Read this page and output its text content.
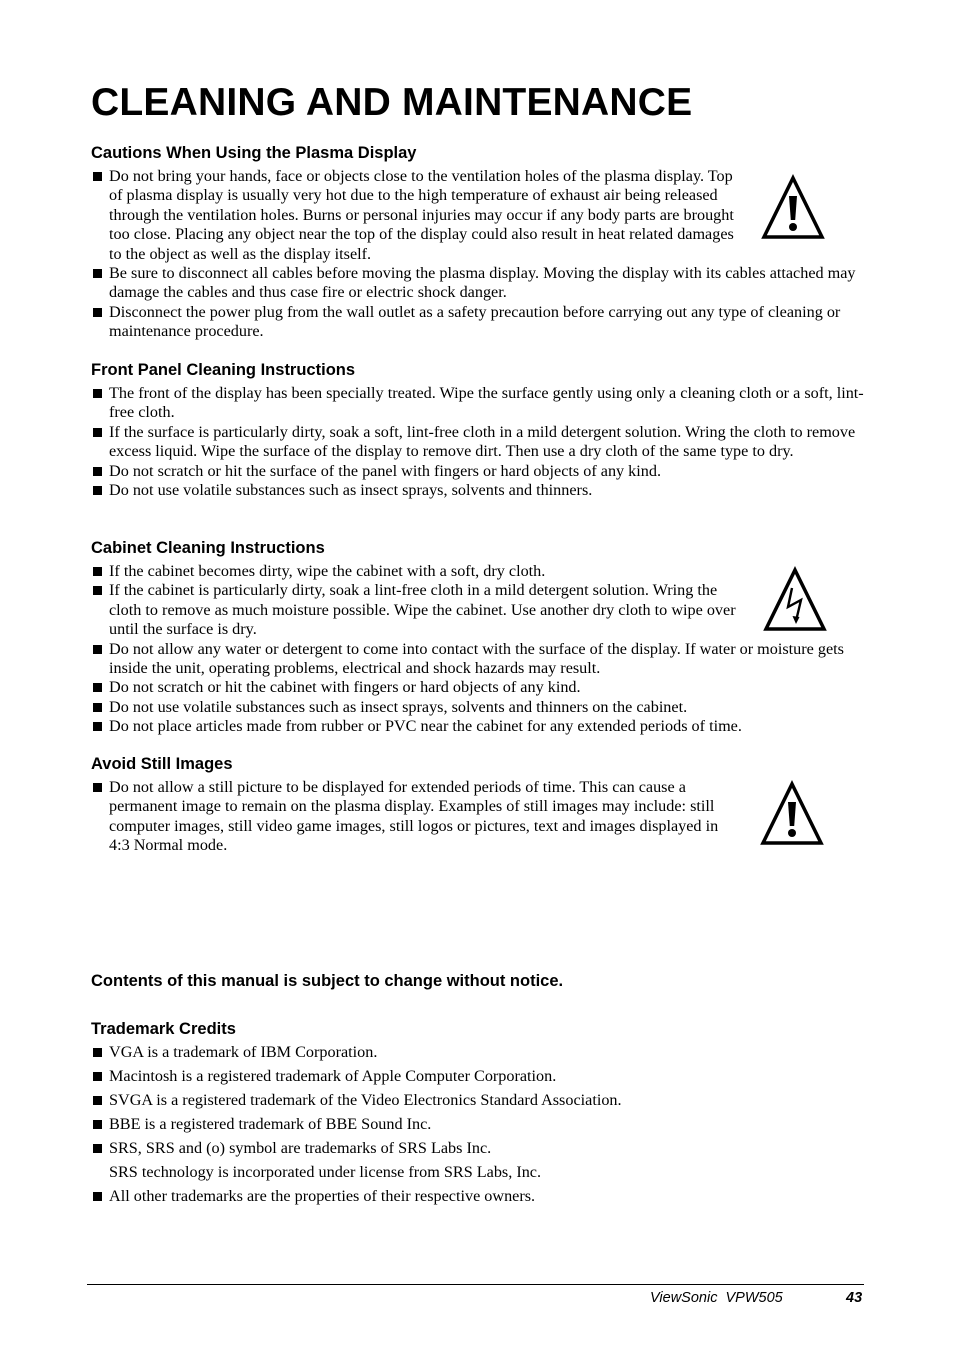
CLEANING AND MAINTENANCE
Cautions When Using the Plasma Display
Do not bring your hands, face or objects close to the ventilation holes of the plasma display. Top of plasma display is usually very hot due to the high temperature of exhaust air being released through the ventilation holes. Burns or personal injuries may occur if any body parts are brought too close. Placing any object near the top of the display could also result in heat related damages to the object as well as the display itself.
Be sure to disconnect all cables before moving the plasma display. Moving the display with its cables attached may damage the cables and thus case fire or electric shock danger.
Disconnect the power plug from the wall outlet as a safety precaution before carrying out any type of cleaning or maintenance procedure.
Front Panel Cleaning Instructions
The front of the display has been specially treated. Wipe the surface gently using only a cleaning cloth or a soft, lint-free cloth.
If the surface is particularly dirty, soak a soft, lint-free cloth in a mild detergent solution. Wring the cloth to remove excess liquid. Wipe the surface of the display to remove dirt. Then use a dry cloth of the same type to dry.
Do not scratch or hit the surface of the panel with fingers or hard objects of any kind.
Do not use volatile substances such as insect sprays, solvents and thinners.
Cabinet Cleaning Instructions
If the cabinet becomes dirty, wipe the cabinet with a soft, dry cloth.
If the cabinet is particularly dirty, soak a lint-free cloth in a mild detergent solution. Wring the cloth to remove as much moisture possible. Wipe the cabinet. Use another dry cloth to wipe over until the surface is dry.
Do not allow any water or detergent to come into contact with the surface of the display. If water or moisture gets inside the unit, operating problems, electrical and shock hazards may result.
Do not scratch or hit the cabinet with fingers or hard objects of any kind.
Do not use volatile substances such as insect sprays, solvents and thinners on the cabinet.
Do not place articles made from rubber or PVC near the cabinet for any extended periods of time.
Avoid Still Images
Do not allow a still picture to be displayed for extended periods of time. This can cause a permanent image to remain on the plasma display. Examples of still images may include: still computer images, still video game images, still logos or pictures, text and images displayed in 4:3 Normal mode.

Contents of this manual is subject to change without notice.

Trademark Credits
VGA is a trademark of IBM Corporation.
Macintosh is a registered trademark of Apple Computer Corporation.
SVGA is a registered trademark of the Video Electronics Standard Association.
BBE is a registered trademark of BBE Sound Inc.
SRS, SRS and (o) symbol are trademarks of SRS Labs Inc.
SRS technology is incorporated under license from SRS Labs, Inc.
All other trademarks are the properties of their respective owners.
ViewSonic  VPW505	43
